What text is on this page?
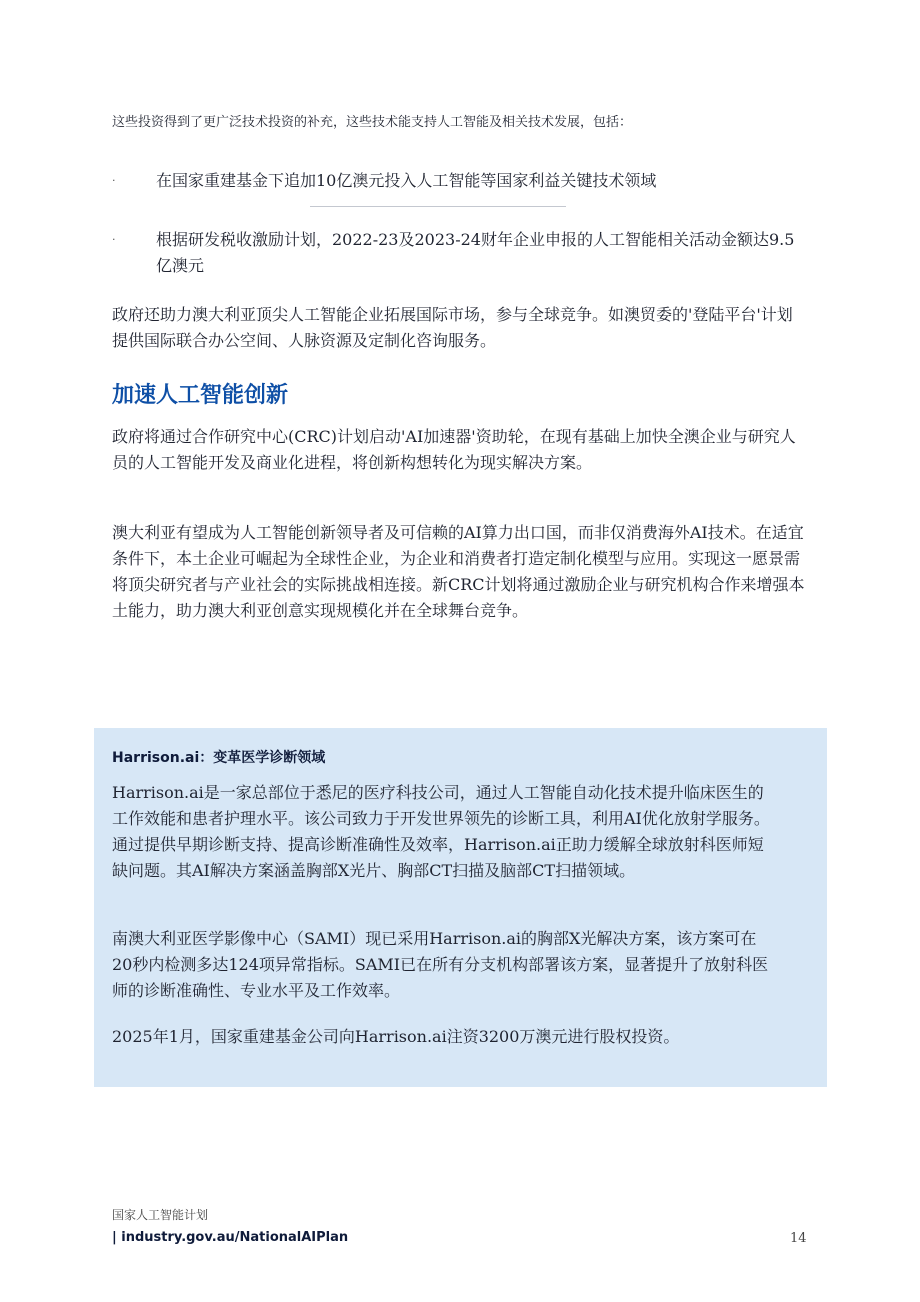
这些投资得到了更广泛技术投资的补充，这些技术能支持人工智能及相关技术发展，包括：
·	在国家重建基金下追加10亿澳元投入人工智能等国家利益关键技术领域
·	根据研发税收激励计划，2022-23及2023-24财年企业申报的人工智能相关活动金额达9.5亿澳元
政府还助力澳大利亚顶尖人工智能企业拓展国际市场，参与全球竞争。如澳贸委的'登陆平台'计划提供国际联合办公空间、人脉资源及定制化咨询服务。
加速人工智能创新
政府将通过合作研究中心(CRC)计划启动'AI加速器'资助轮，在现有基础上加快全澳企业与研究人员的人工智能开发及商业化进程，将创新构想转化为现实解决方案。
澳大利亚有望成为人工智能创新领导者及可信赖的AI算力出口国，而非仅消费海外AI技术。在适宜条件下，本土企业可崛起为全球性企业，为企业和消费者打造定制化模型与应用。实现这一愿景需将顶尖研究者与产业社会的实际挑战相连接。新CRC计划将通过激励企业与研究机构合作来增强本土能力，助力澳大利亚创意实现规模化并在全球舞台竞争。
Harrison.ai：变革医学诊断领域
Harrison.ai是一家总部位于悉尼的医疗科技公司，通过人工智能自动化技术提升临床医生的工作效能和患者护理水平。该公司致力于开发世界领先的诊断工具，利用AI优化放射学服务。通过提供早期诊断支持、提高诊断准确性及效率，Harrison.ai正助力缓解全球放射科医师短缺问题。其AI解决方案涵盖胸部X光片、胸部CT扫描及脑部CT扫描领域。
南澳大利亚医学影像中心（SAMI）现已采用Harrison.ai的胸部X光解决方案，该方案可在20秒内检测多达124项异常指标。SAMI已在所有分支机构部署该方案，显著提升了放射科医师的诊断准确性、专业水平及工作效率。
2025年1月，国家重建基金公司向Harrison.ai注资3200万澳元进行股权投资。
国家人工智能计划
| industry.gov.au/NationalAIPlan	14
